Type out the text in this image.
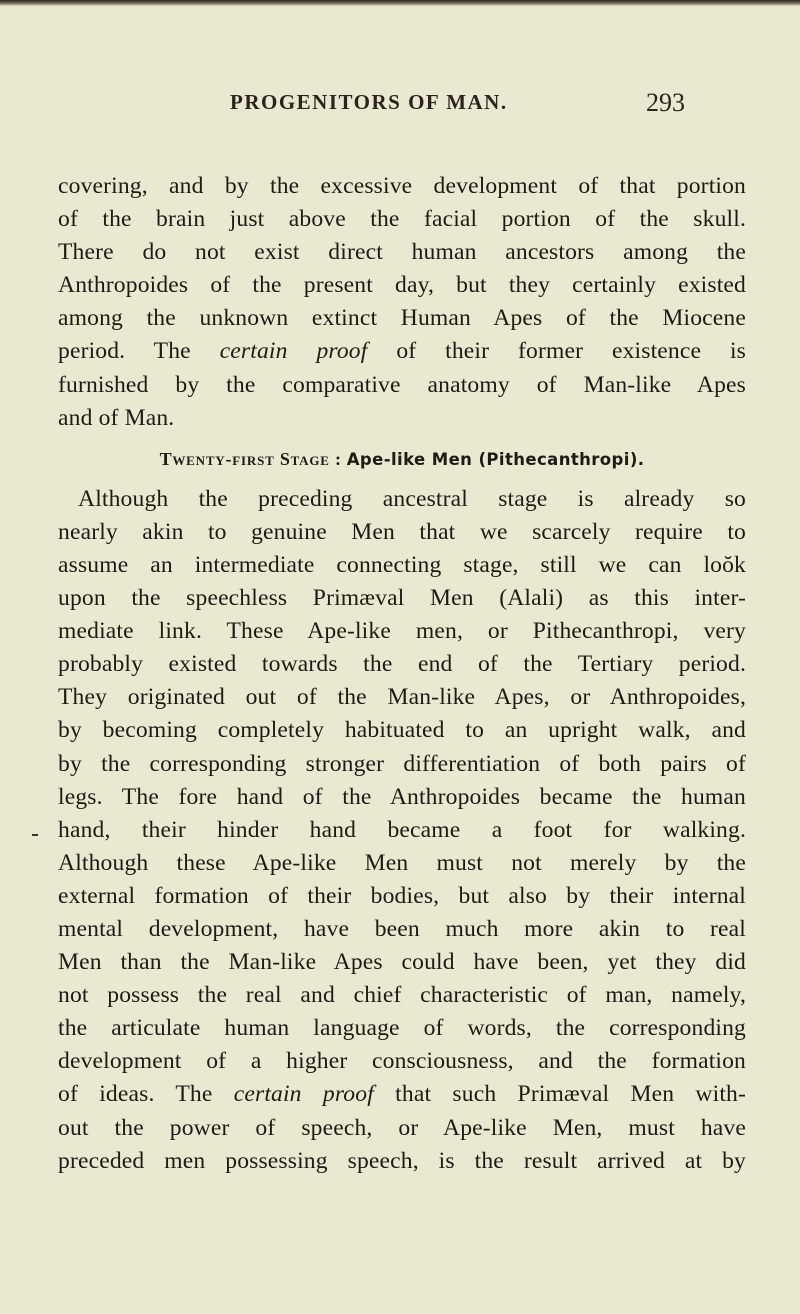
PROGENITORS OF MAN.	293
covering, and by the excessive development of that portion
of the brain just above the facial portion of the skull.
There do not exist direct human ancestors among the
Anthropoides of the present day, but they certainly existed
among the unknown extinct Human Apes of the Miocene
period. The certain proof of their former existence is
furnished by the comparative anatomy of Man-like Apes
and of Man.
Twenty-first Stage : Ape-like Men (Pithecanthropi).
Although the preceding ancestral stage is already so
nearly akin to genuine Men that we scarcely require to
assume an intermediate connecting stage, still we can loŏk
upon the speechless Primæval Men (Alali) as this inter-
mediate link. These Ape-like men, or Pithecanthropi, very
probably existed towards the end of the Tertiary period.
They originated out of the Man-like Apes, or Anthropoides,
by becoming completely habituated to an upright walk, and
by the corresponding stronger differentiation of both pairs of
legs. The fore hand of the Anthropoides became the human
hand, their hinder hand became a foot for walking.
Although these Ape-like Men must not merely by the
external formation of their bodies, but also by their internal
mental development, have been much more akin to real
Men than the Man-like Apes could have been, yet they did
not possess the real and chief characteristic of man, namely,
the articulate human language of words, the corresponding
development of a higher consciousness, and the formation
of ideas. The certain proof that such Primæval Men with-
out the power of speech, or Ape-like Men, must have
preceded men possessing speech, is the result arrived at by
